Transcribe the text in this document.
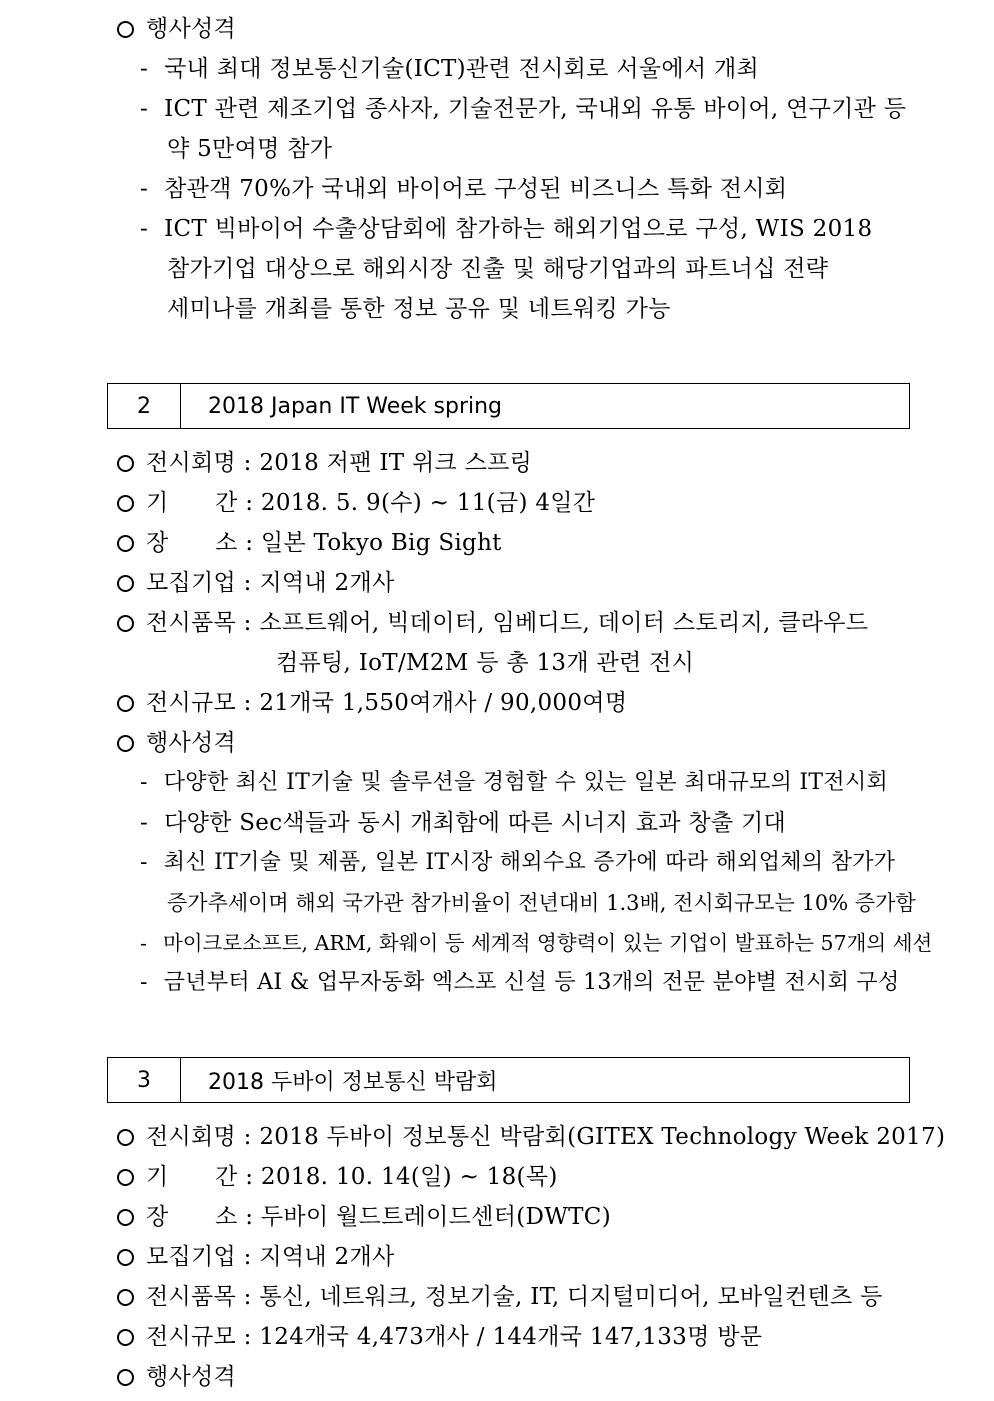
행사성격
- 국내 최대 정보통신기술(ICT)관련 전시회로 서울에서 개최
- ICT 관련 제조기업 종사자, 기술전문가, 국내외 유통 바이어, 연구기관 등
약 5만여명 참가
- 참관객 70%가 국내외 바이어로 구성된 비즈니스 특화 전시회
- ICT 빅바이어 수출상담회에 참가하는 해외기업으로 구성, WIS 2018
참가기업 대상으로 해외시장 진출 및 해당기업과의 파트너십 전략
세미나를 개최를 통한 정보 공유 및 네트워킹 가능
2	2018 Japan IT Week spring
전시회명 : 2018 저팬 IT 위크 스프링
기　　간 : 2018. 5. 9(수) ~ 11(금) 4일간
장　　소 : 일본 Tokyo Big Sight
모집기업 : 지역내 2개사
전시품목 : 소프트웨어, 빅데이터, 임베디드, 데이터 스토리지, 클라우드
컴퓨팅, IoT/M2M 등 총 13개 관련 전시
전시규모 : 21개국 1,550여개사 / 90,000여명
행사성격
- 다양한 최신 IT기술 및 솔루션을 경험할 수 있는 일본 최대규모의 IT전시회
- 다양한 Sec색들과 동시 개최함에 따른 시너지 효과 창출 기대
- 최신 IT기술 및 제품, 일본 IT시장 해외수요 증가에 따라 해외업체의 참가가
증가추세이며 해외 국가관 참가비율이 전년대비 1.3배, 전시회규모는 10% 증가함
- 마이크로소프트, ARM, 화웨이 등 세계적 영향력이 있는 기업이 발표하는 57개의 세션
- 금년부터 AI & 업무자동화 엑스포 신설 등 13개의 전문 분야별 전시회 구성
3	2018 두바이 정보통신 박람회
전시회명 : 2018 두바이 정보통신 박람회(GITEX Technology Week 2017)
기　　간 : 2018. 10. 14(일) ~ 18(목)
장　　소 : 두바이 월드트레이드센터(DWTC)
모집기업 : 지역내 2개사
전시품목 : 통신, 네트워크, 정보기술, IT, 디지털미디어, 모바일컨텐츠 등
전시규모 : 124개국 4,473개사 / 144개국 147,133명 방문
행사성격
